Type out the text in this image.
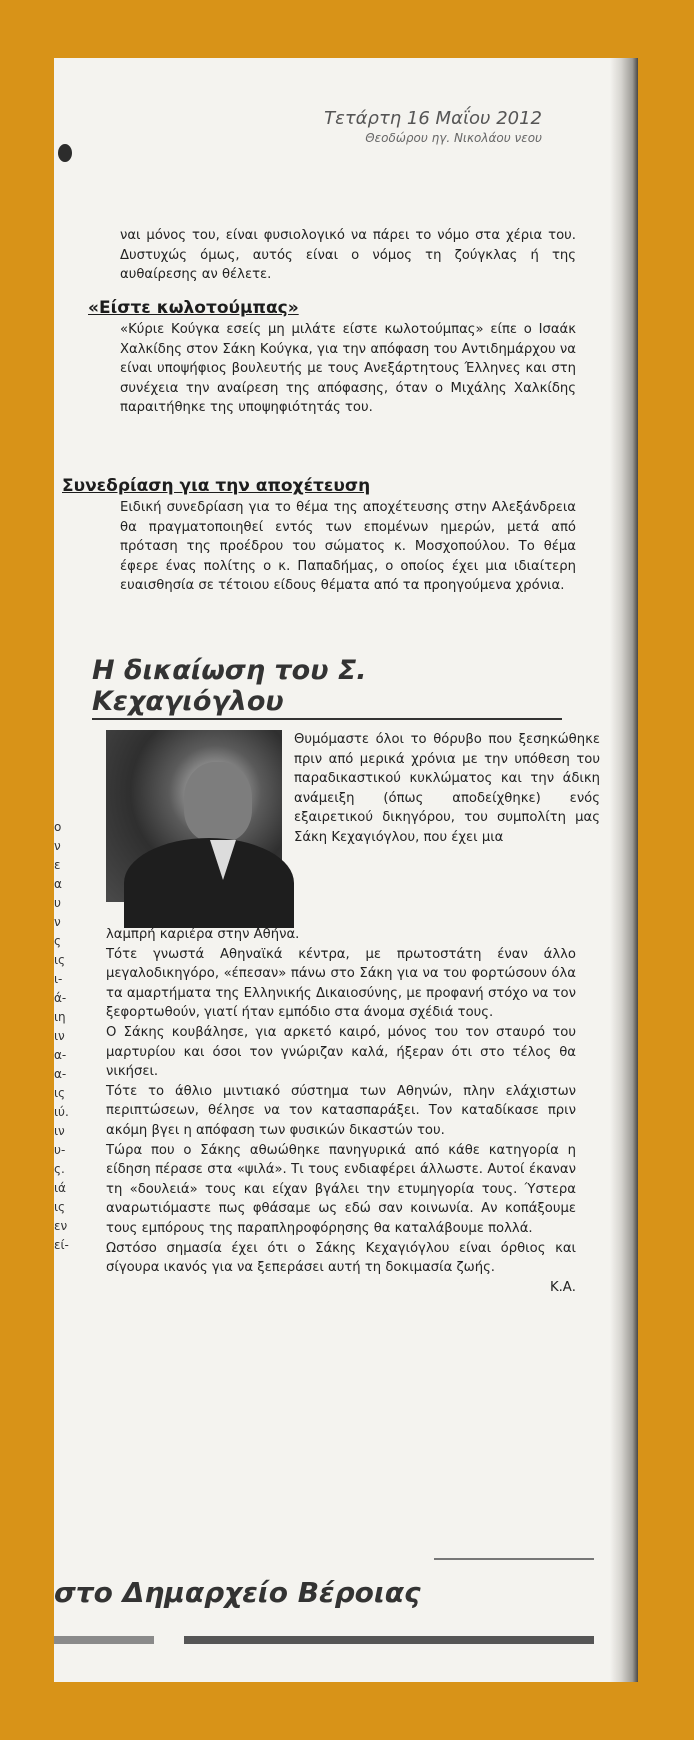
Τετάρτη 16 Μαΐου 2012
Θεοδώρου ηγ. Νικολάου νεου

ναι μόνος του, είναι φυσιολογικό να πάρει το νόμο στα χέρια του. Δυστυχώς όμως, αυτός είναι ο νόμος τη ζούγκλας ή της αυθαίρεσης αν θέλετε.

«Είστε κωλοτούμπας»

«Κύριε Κούγκα εσείς μη μιλάτε είστε κωλοτούμπας» είπε ο Ισαάκ Χαλκίδης στον Σάκη Κούγκα, για την απόφαση του Αντιδημάρχου να είναι υποψήφιος βουλευτής με τους Ανεξάρτητους Έλληνες και στη συνέχεια την αναίρεση της απόφασης, όταν ο Μιχάλης Χαλκίδης παραιτήθηκε της υποψηφιότητάς του.

Συνεδρίαση για την αποχέτευση

Ειδική συνεδρίαση για το θέμα της αποχέτευσης στην Αλεξάνδρεια θα πραγματοποιηθεί εντός των επομένων ημερών, μετά από πρόταση της προέδρου του σώματος κ. Μοσχοπούλου. Το θέμα έφερε ένας πολίτης ο κ. Παπαδήμας, ο οποίος έχει μια ιδιαίτερη ευαισθησία σε τέτοιου είδους θέματα από τα προηγούμενα χρόνια.

Η δικαίωση του Σ. Κεχαγιόγλου

Θυμόμαστε όλοι το θόρυβο που ξεσηκώθηκε πριν από μερικά χρόνια με την υπόθεση του παραδικαστικού κυκλώματος και την άδικη ανάμειξη (όπως αποδείχθηκε) ενός εξαιρετικού δικηγόρου, του συμπολίτη μας Σάκη Κεχαγιόγλου, που έχει μια

λαμπρή καριέρα στην Αθήνα.

Τότε γνωστά Αθηναϊκά κέντρα, με πρωτοστάτη έναν άλλο μεγαλοδικηγόρο, «έπεσαν» πάνω στο Σάκη για να του φορτώσουν όλα τα αμαρτήματα της Ελληνικής Δικαιοσύνης, με προφανή στόχο να τον ξεφορτωθούν, γιατί ήταν εμπόδιο στα άνομα σχέδιά τους.

Ο Σάκης κουβάλησε, για αρκετό καιρό, μόνος του τον σταυρό του μαρτυρίου και όσοι τον γνώριζαν καλά, ήξεραν ότι στο τέλος θα νικήσει.

Τότε το άθλιο μιντιακό σύστημα των Αθηνών, πλην ελάχιστων περιπτώσεων, θέλησε να τον κατασπαράξει. Τον καταδίκασε πριν ακόμη βγει η απόφαση των φυσικών δικαστών του.

Τώρα που ο Σάκης αθωώθηκε πανηγυρικά από κάθε κατηγορία η είδηση πέρασε στα «ψιλά». Τι τους ενδιαφέρει άλλωστε. Αυτοί έκαναν τη «δουλειά» τους και είχαν βγάλει την ετυμηγορία τους. Ύστερα αναρωτιόμαστε πως φθάσαμε ως εδώ σαν κοινωνία. Αν κοπάξουμε τους εμπόρους της παραπληροφόρησης θα καταλάβουμε πολλά.

Ωστόσο σημασία έχει ότι ο Σάκης Κεχαγιόγλου είναι όρθιος και σίγουρα ικανός για να ξεπεράσει αυτή τη δοκιμασία ζωής.

Κ.Α.

ο
ν
ε
α
υ
ν
ς
ις
ι-
ά-
ιη
ιν
α-
α-
ις
ιύ.
ιν
υ-
ς.
ιά
ις
εν
εί-
στο Δημαρχείο Βέροιας
